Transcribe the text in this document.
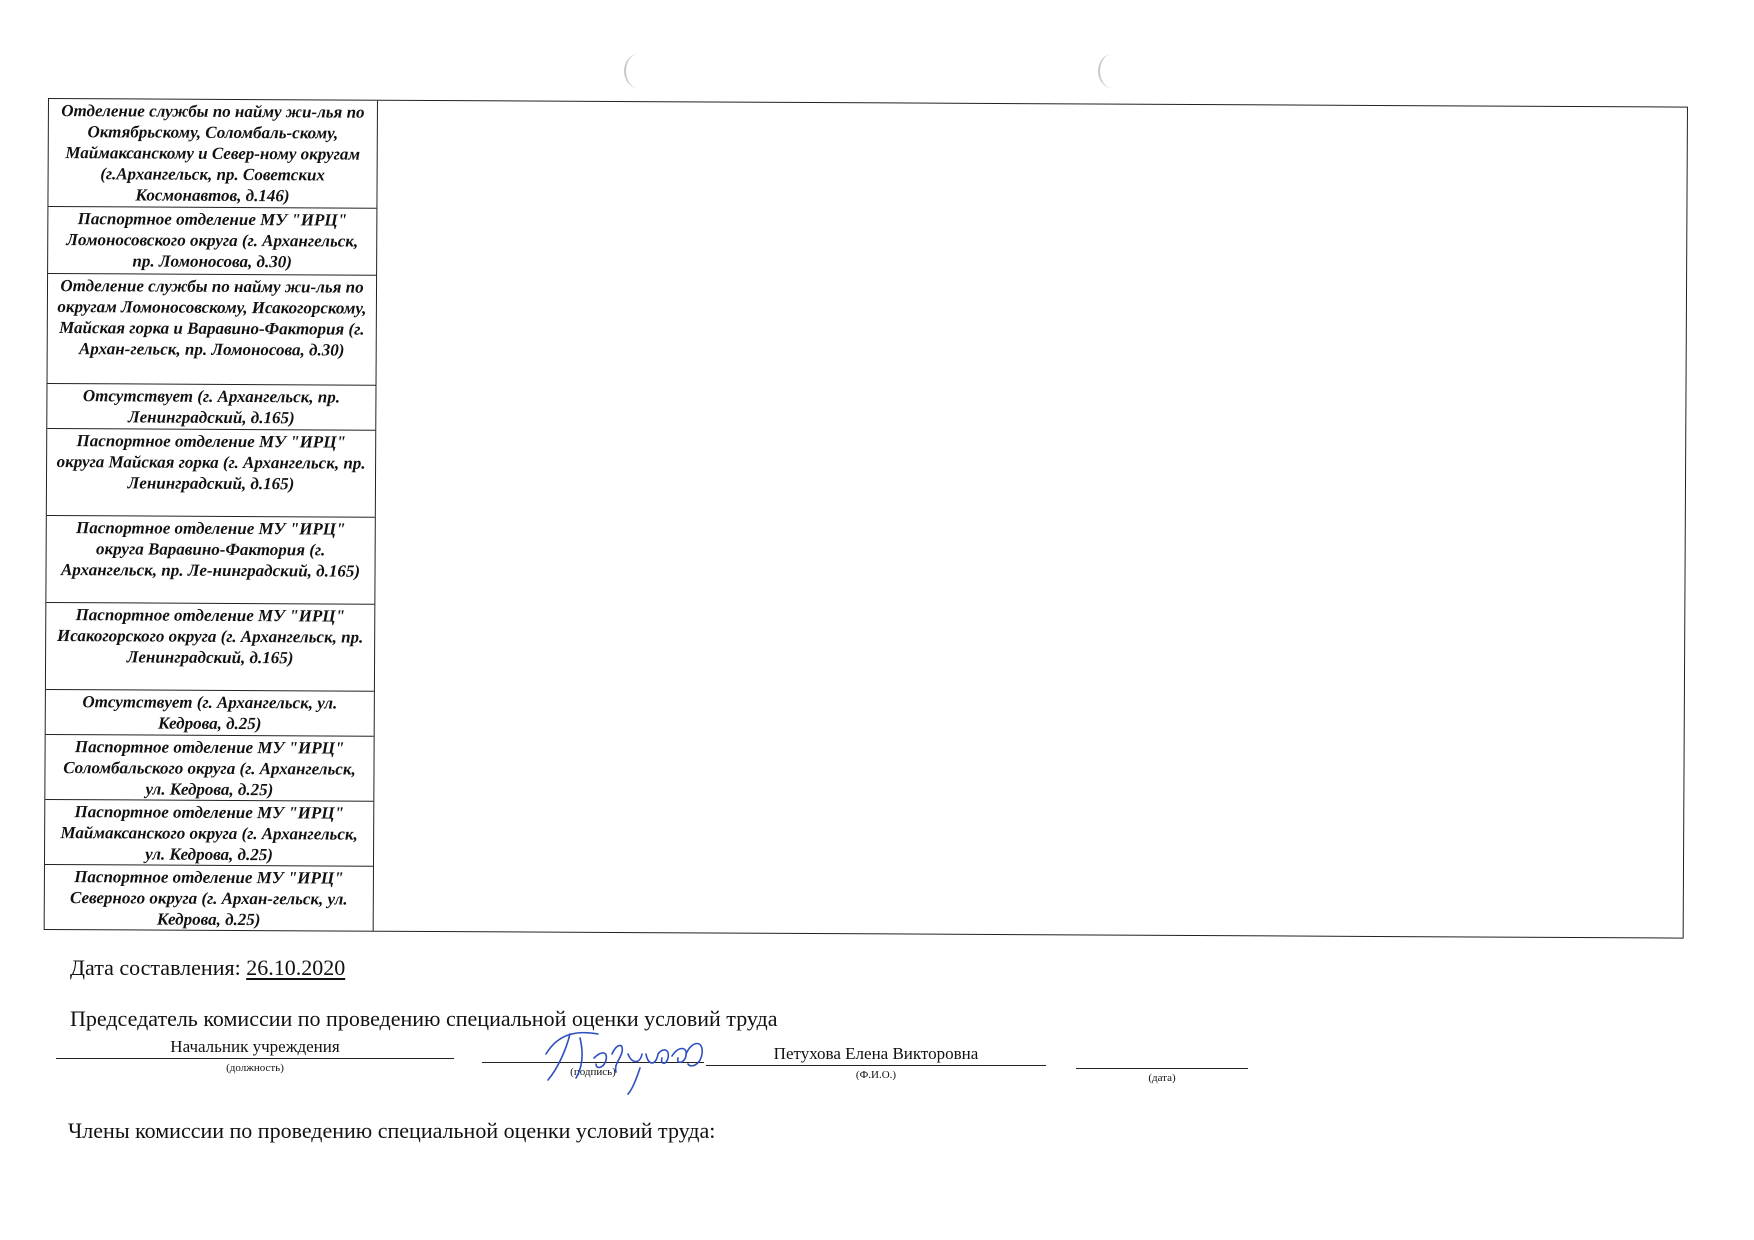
Отделение службы по найму жи-лья по Октябрьскому, Соломбаль-скому, Маймаксанскому и Север-ному округам (г.Архангельск, пр. Советских Космонавтов, д.146)
Паспортное отделение МУ "ИРЦ" Ломоносовского округа (г. Архангельск, пр. Ломоносова, д.30)
Отделение службы по найму жи-лья по округам Ломоносовскому, Исакогорскому, Майская горка и Варавино-Фактория (г. Архан-гельск, пр. Ломоносова, д.30)
Отсутствует (г. Архангельск, пр. Ленинградский, д.165)
Паспортное отделение МУ "ИРЦ" округа Майская горка (г. Архангельск, пр. Ленинградский, д.165)
Паспортное отделение МУ "ИРЦ" округа Варавино-Фактория (г. Архангельск, пр. Ле-нинградский, д.165)
Паспортное отделение МУ "ИРЦ" Исакогорского округа (г. Архангельск, пр. Ленинградский, д.165)
Отсутствует (г. Архангельск, ул. Кедрова, д.25)
Паспортное отделение МУ "ИРЦ" Соломбальского округа (г. Архангельск, ул. Кедрова, д.25)
Паспортное отделение МУ "ИРЦ" Маймаксанского округа (г. Архангельск, ул. Кедрова, д.25)
Паспортное отделение МУ "ИРЦ" Северного округа (г. Архан-гельск, ул. Кедрова, д.25)
Дата составления: 26.10.2020
Председатель комиссии по проведению специальной оценки условий труда
Начальник учреждения
(должность)	(подпись)
Петухова Елена Викторовна
(Ф.И.О.)	(дата)
Члены комиссии по проведению специальной оценки условий труда:
